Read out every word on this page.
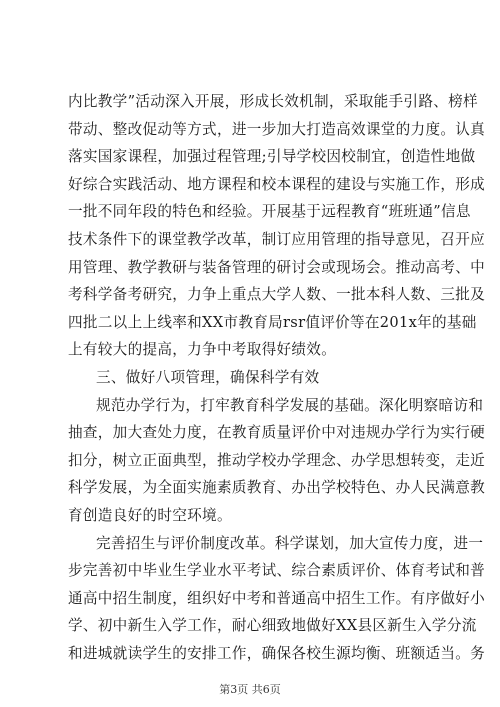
内比教学”活动深入开展，形成长效机制，采取能手引路、榜样
带动、整改促动等方式，进一步加大打造高效课堂的力度。认真
落实国家课程，加强过程管理;引导学校因校制宜，创造性地做
好综合实践活动、地方课程和校本课程的建设与实施工作，形成
一批不同年段的特色和经验。开展基于远程教育“班班通”信息
技术条件下的课堂教学改革，制订应用管理的指导意见，召开应
用管理、教学教研与装备管理的研讨会或现场会。推动高考、中
考科学备考研究，力争上重点大学人数、一批本科人数、三批及
四批二以上上线率和XX市教育局rsr值评价等在201x年的基础
上有较大的提高，力争中考取得好绩效。
三、做好八项管理，确保科学有效
规范办学行为，打牢教育科学发展的基础。深化明察暗访和
抽查，加大查处力度，在教育质量评价中对违规办学行为实行硬
扣分，树立正面典型，推动学校办学理念、办学思想转变，走近
科学发展，为全面实施素质教育、办出学校特色、办人民满意教
育创造良好的时空环境。
完善招生与评价制度改革。科学谋划，加大宣传力度，进一
步完善初中毕业生学业水平考试、综合素质评价、体育考试和普
通高中招生制度，组织好中考和普通高中招生工作。有序做好小
学、初中新生入学工作，耐心细致地做好XX县区新生入学分流
和进城就读学生的安排工作，确保各校生源均衡、班额适当。务
第3页 共6页
